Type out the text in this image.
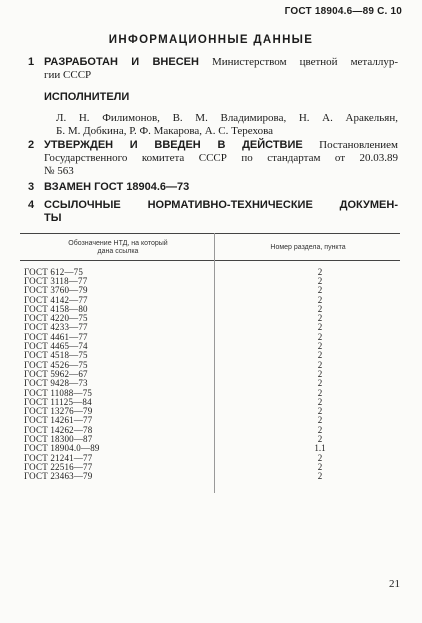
ГОСТ 18904.6—89 С. 10
ИНФОРМАЦИОННЫЕ ДАННЫЕ
1 РАЗРАБОТАН И ВНЕСЕН Министерством цветной металлур-
гии СССР
ИСПОЛНИТЕЛИ
Л. Н. Филимонов, В. М. Владимирова, Н. А. Аракельян,
Б. М. Добкина, Р. Ф. Макарова, А. С. Терехова
2 УТВЕРЖДЕН И ВВЕДЕН В ДЕЙСТВИЕ Постановлением
Государственного комитета СССР по стандартам от 20.03.89
№ 563
3 ВЗАМЕН ГОСТ 18904.6—73
4 ССЫЛОЧНЫЕ НОРМАТИВНО-ТЕХНИЧЕСКИЕ ДОКУМЕН-
ТЫ
Обозначение НТД, на который
дана ссылка
Номер раздела, пункта
ГОСТ 612—75	2
ГОСТ 3118—77	2
ГОСТ 3760—79	2
ГОСТ 4142—77	2
ГОСТ 4158—80	2
ГОСТ 4220—75	2
ГОСТ 4233—77	2
ГОСТ 4461—77	2
ГОСТ 4465—74	2
ГОСТ 4518—75	2
ГОСТ 4526—75	2
ГОСТ 5962—67	2
ГОСТ 9428—73	2
ГОСТ 11088—75	2
ГОСТ 11125—84	2
ГОСТ 13276—79	2
ГОСТ 14261—77	2
ГОСТ 14262—78	2
ГОСТ 18300—87	2
ГОСТ 18904.0—89	1.1
ГОСТ 21241—77	2
ГОСТ 22516—77	2
ГОСТ 23463—79	2
21
